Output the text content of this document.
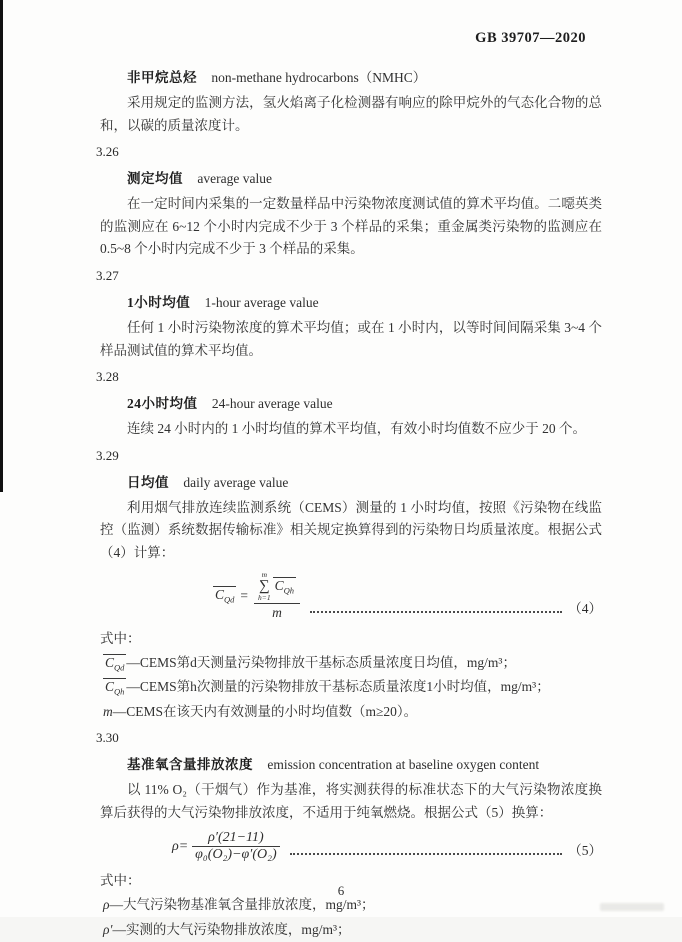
GB 39707—2020
非甲烷总烃 non-methane hydrocarbons（NMHC）

采用规定的监测方法，氢火焰离子化检测器有响应的除甲烷外的气态化合物的总和，以碳的质量浓度计。

3.26
测定均值 average value

在一定时间内采集的一定数量样品中污染物浓度测试值的算术平均值。二噁英类的监测应在 6~12 个小时内完成不少于 3 个样品的采集；重金属类污染物的监测应在 0.5~8 个小时内完成不少于 3 个样品的采集。

3.27
1小时均值 1-hour average value

任何 1 小时污染物浓度的算术平均值；或在 1 小时内，以等时间间隔采集 3~4 个样品测试值的算术平均值。

3.28
24小时均值 24-hour average value

连续 24 小时内的 1 小时均值的算术平均值，有效小时均值数不应少于 20 个。

3.29
日均值 daily average value

利用烟气排放连续监测系统（CEMS）测量的 1 小时均值，按照《污染物在线监控（监测）系统数据传输标准》相关规定换算得到的污染物日均质量浓度。根据公式（4）计算：

$C_{Qd}$ =
m
∑
h=1
$C_{Qh}$
m	（4）
式中：
$C_{Qd}$ —CEMS第d天测量污染物排放干基标态质量浓度日均值，mg/m³；
$C_{Qh}$ —CEMS第h次测量的污染物排放干基标态质量浓度1小时均值，mg/m³；
m—CEMS在该天内有效测量的小时均值数（m≥20）。
3.30
基准氧含量排放浓度 emission concentration at baseline oxygen content

以 11% O₂（干烟气）作为基准，将实测获得的标准状态下的大气污染物浓度换算后获得的大气污染物排放浓度，不适用于纯氧燃烧。根据公式（5）换算：

$\rho= \frac{\rho'(21-11)}{\text{φ₀(O₂)−φ′(O₂)}}$	（5）
式中：
ρ—大气污染物基准氧含量排放浓度，mg/m³；
ρ′—实测的大气污染物排放浓度，mg/m³；
6
